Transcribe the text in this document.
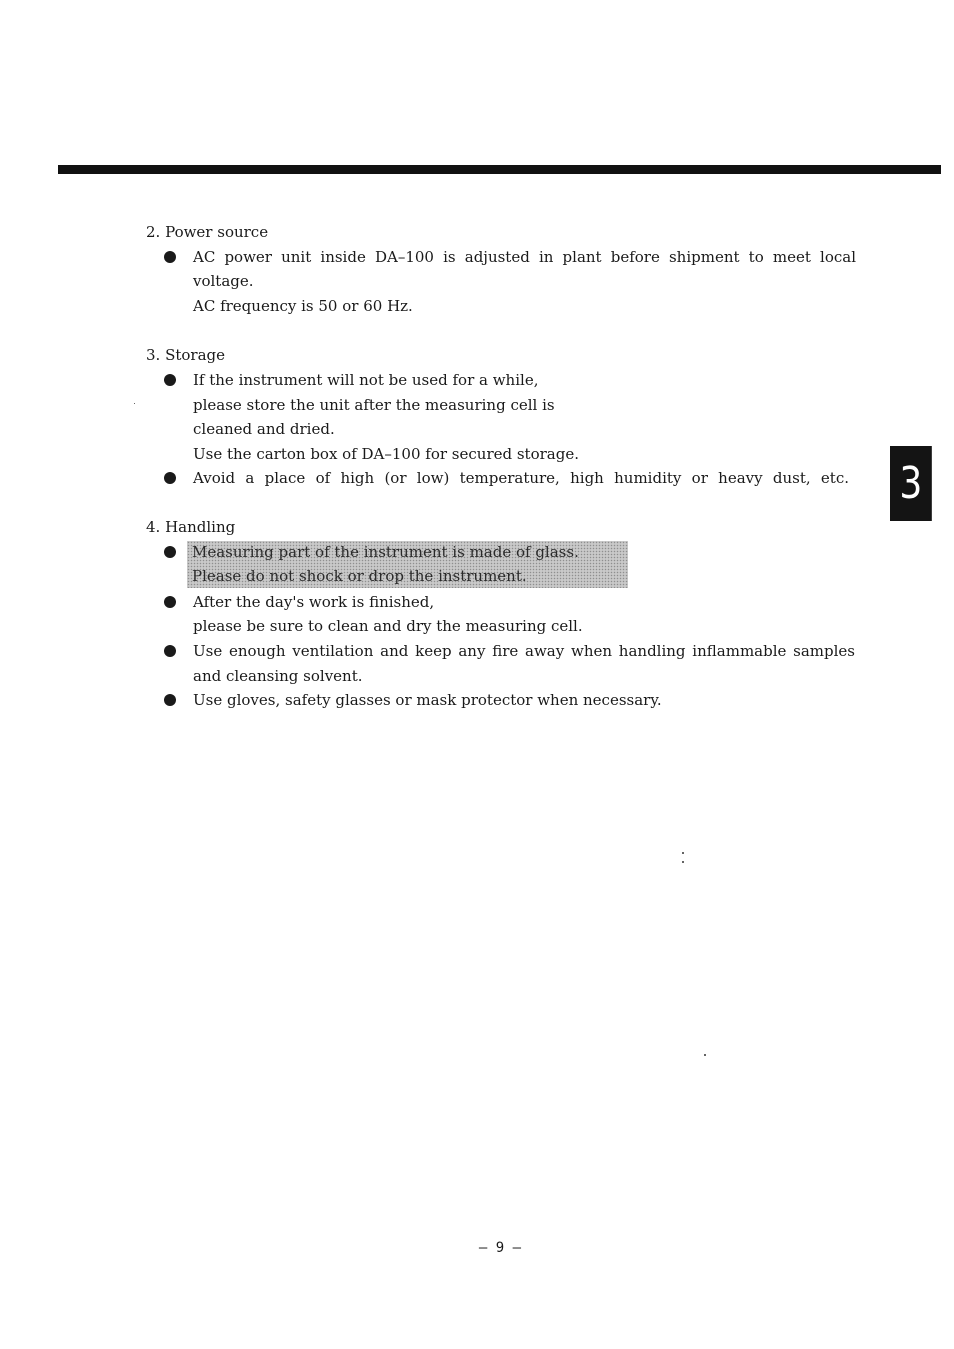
3
2. Power source
AC power unit inside DA–100 is adjusted in plant before shipment to meet local
voltage.
AC frequency is 50 or 60 Hz.
3. Storage
If the instrument will not be used for a while,
please store the unit after the measuring cell is
cleaned and dried.
Use the carton box of DA–100 for secured storage.
Avoid a place of high (or low) temperature, high humidity or heavy dust, etc.
4. Handling
Measuring part of the instrument is made of glass.
Please do not shock or drop the instrument.
After the day's work is finished,
please be sure to clean and dry the measuring cell.
Use enough ventilation and keep any fire away when handling inflammable samples
and cleansing solvent.
Use gloves, safety glasses or mask protector when necessary.
– 9 –
